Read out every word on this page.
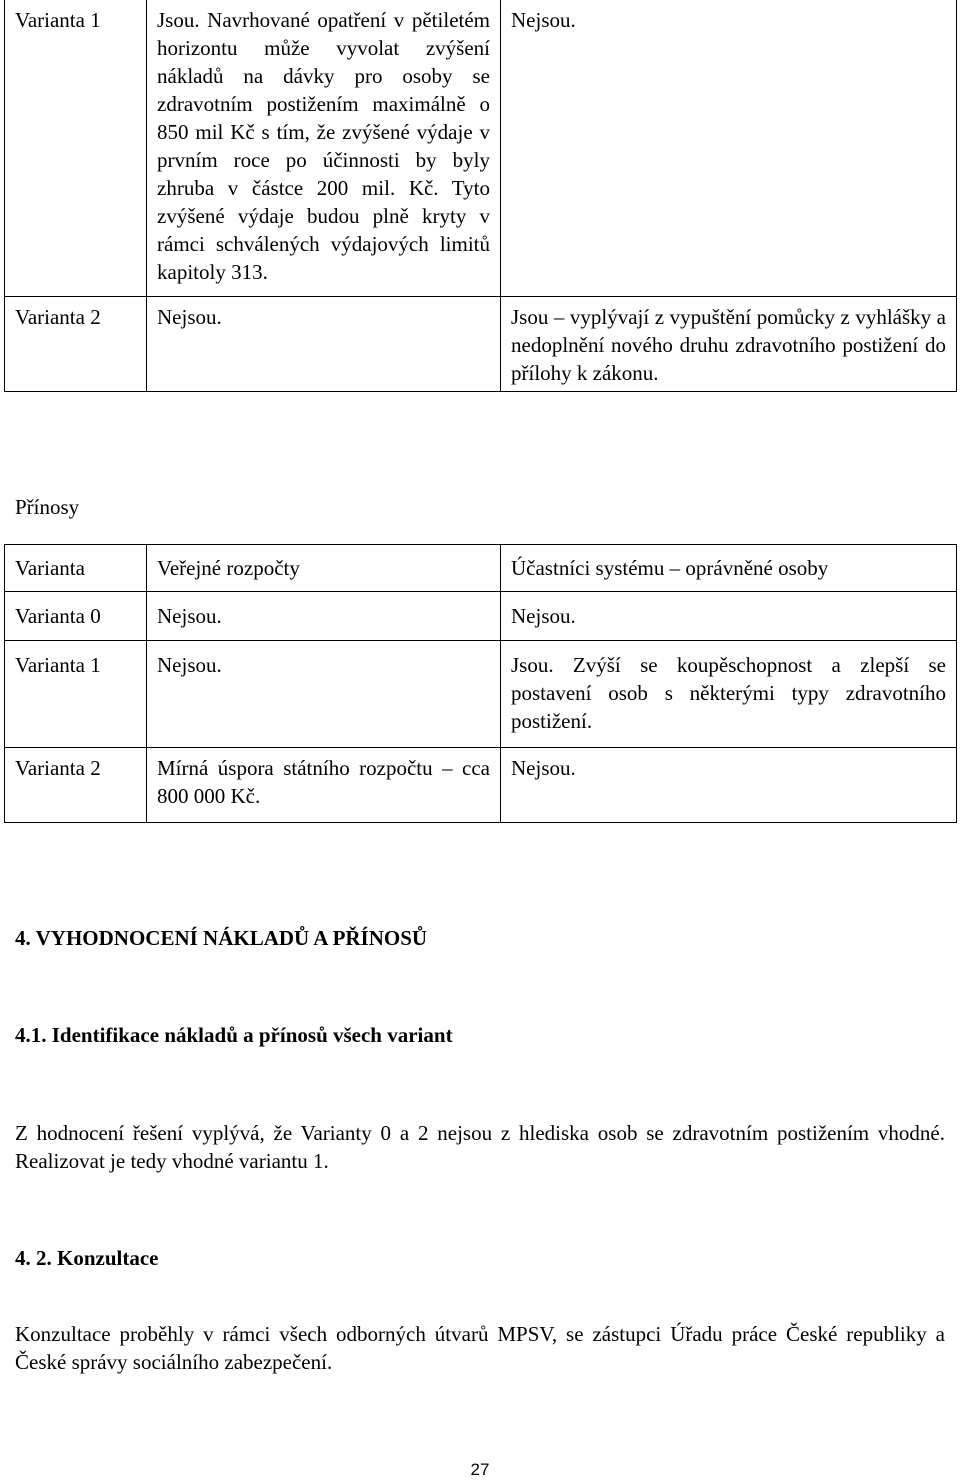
Varianta 1	Jsou. Navrhované opatření v pětiletém horizontu může vyvolat zvýšení nákladů na dávky pro osoby se zdravotním postižením maximálně o 850 mil Kč s tím, že zvýšené výdaje v prvním roce po účinnosti by byly zhruba v částce 200 mil. Kč. Tyto zvýšené výdaje budou plně kryty v rámci schválených výdajových limitů kapitoly 313.	Nejsou.
Varianta 2	Nejsou.	Jsou – vyplývají z vypuštění pomůcky z vyhlášky a nedoplnění nového druhu zdravotního postižení do přílohy k zákonu.
Přínosy
Varianta	Veřejné rozpočty	Účastníci systému – oprávněné osoby
Varianta 0	Nejsou.	Nejsou.
Varianta 1	Nejsou.	Jsou. Zvýší se koupěschopnost a zlepší se postavení osob s některými typy zdravotního postižení.
Varianta 2	Mírná úspora státního rozpočtu – cca 800 000 Kč.	Nejsou.
4. VYHODNOCENÍ NÁKLADŮ A PŘÍNOSŮ
4.1. Identifikace nákladů a přínosů všech variant
Z hodnocení řešení vyplývá, že Varianty 0 a 2 nejsou z hlediska osob se zdravotním postižením vhodné. Realizovat je tedy vhodné variantu 1.
4. 2. Konzultace
Konzultace proběhly v rámci všech odborných útvarů MPSV, se zástupci Úřadu práce České republiky a České správy sociálního zabezpečení.
27
